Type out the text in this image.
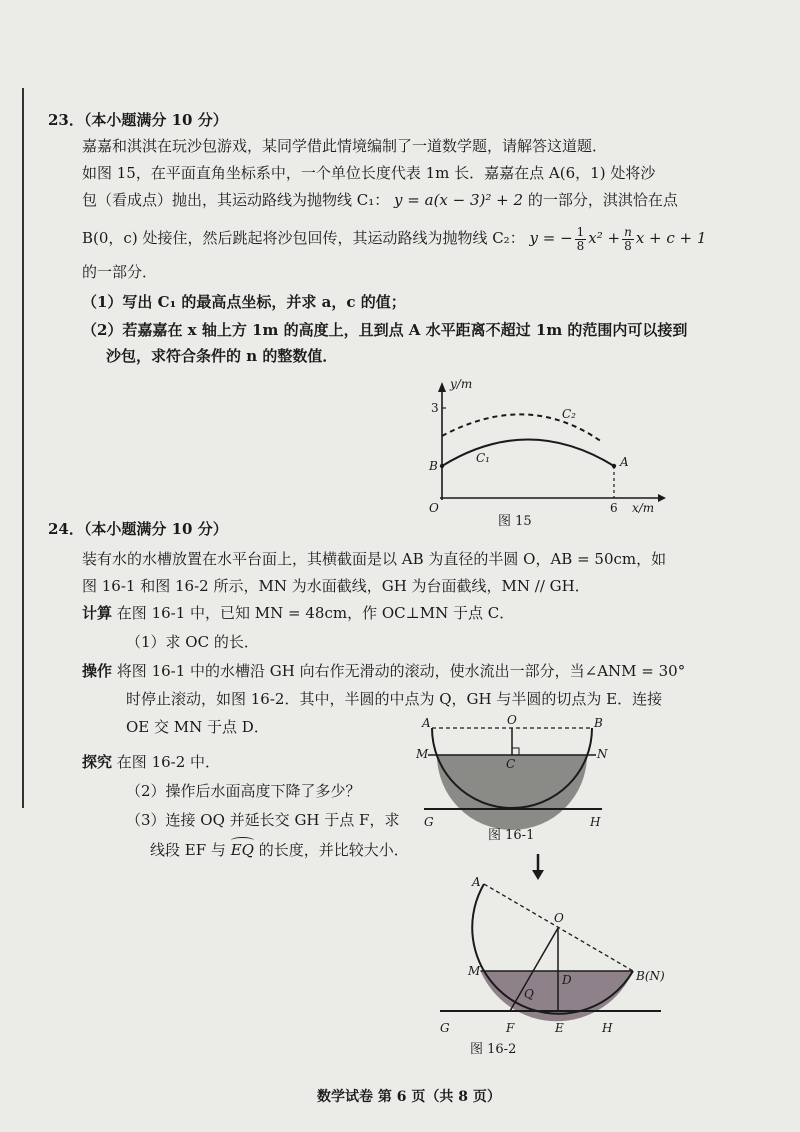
23．（本小题满分 10 分）
嘉嘉和淇淇在玩沙包游戏，某同学借此情境编制了一道数学题，请解答这道题．
如图 15，在平面直角坐标系中，一个单位长度代表 1m 长．嘉嘉在点 A(6，1) 处将沙
包（看成点）抛出，其运动路线为抛物线 C₁： y = a(x − 3)² + 2 的一部分，淇淇恰在点
B(0，c) 处接住，然后跳起将沙包回传，其运动路线为抛物线 C₂： y = − $\frac{1}{8} x^2 + \frac{n}{8}$ x + c + 1
的一部分．
（1）写出 C₁ 的最高点坐标，并求 a，c 的值；
（2）若嘉嘉在 x 轴上方 1m 的高度上，且到点 A 水平距离不超过 1m 的范围内可以接到
沙包，求符合条件的 n 的整数值．
y/m
3
B
O
C₁
C₂
A
6 x/m
图 15
24．（本小题满分 10 分）
装有水的水槽放置在水平台面上，其横截面是以 AB 为直径的半圆 O，AB = 50cm，如
图 16-1 和图 16-2 所示，MN 为水面截线，GH 为台面截线，MN // GH．
计算 在图 16-1 中，已知 MN = 48cm，作 OC⊥MN 于点 C．
（1）求 OC 的长．
操作 将图 16-1 中的水槽沿 GH 向右作无滑动的滚动，使水流出一部分，当∠ANM = 30°
时停止滚动，如图 16-2．其中，半圆的中点为 Q，GH 与半圆的切点为 E．连接
OE 交 MN 于点 D．
探究 在图 16-2 中．
（2）操作后水面高度下降了多少？
（3）连接 OQ 并延长交 GH 于点 F，求
线段 EF 与 EQ 的长度，并比较大小．
A	O	B
M	N
C
G	H
图 16-1
A
O
M
D
Q
B(N)
G	F	E	H
图 16-2
数学试卷 第 6 页（共 8 页）
